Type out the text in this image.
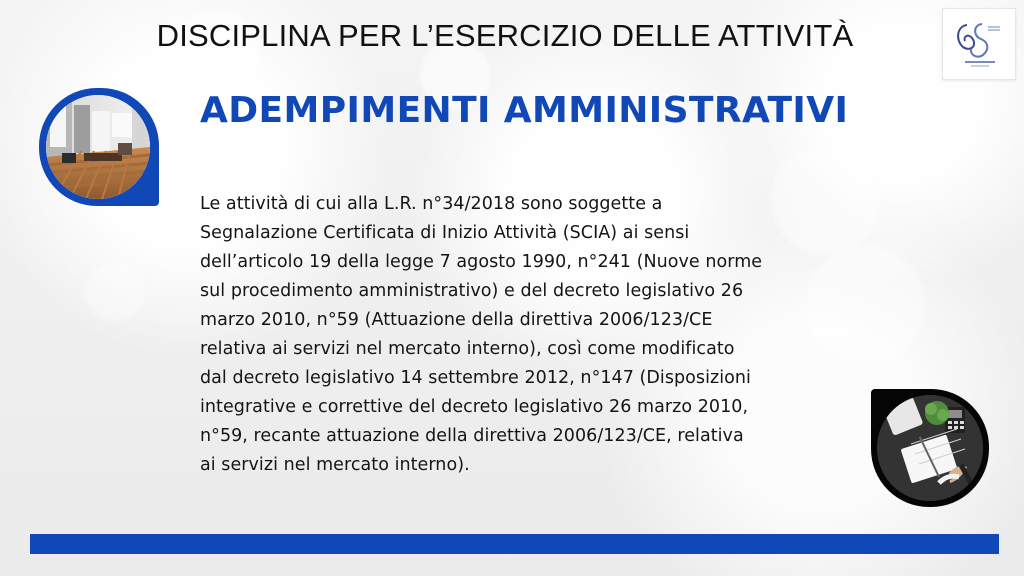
DISCIPLINA PER L’ESERCIZIO DELLE ATTIVITÀ
ADEMPIMENTI AMMINISTRATIVI
Le attività di cui alla L.R. n°34/2018 sono soggette a
Segnalazione Certificata di Inizio Attività (SCIA) ai sensi
dell’articolo 19 della legge 7 agosto 1990, n°241 (Nuove norme
sul procedimento amministrativo) e del decreto legislativo 26
marzo 2010, n°59 (Attuazione della direttiva 2006/123/CE
relativa ai servizi nel mercato interno), così come modificato
dal decreto legislativo 14 settembre 2012, n°147 (Disposizioni
integrative e correttive del decreto legislativo 26 marzo 2010,
n°59, recante attuazione della direttiva 2006/123/CE, relativa
ai servizi nel mercato interno).
